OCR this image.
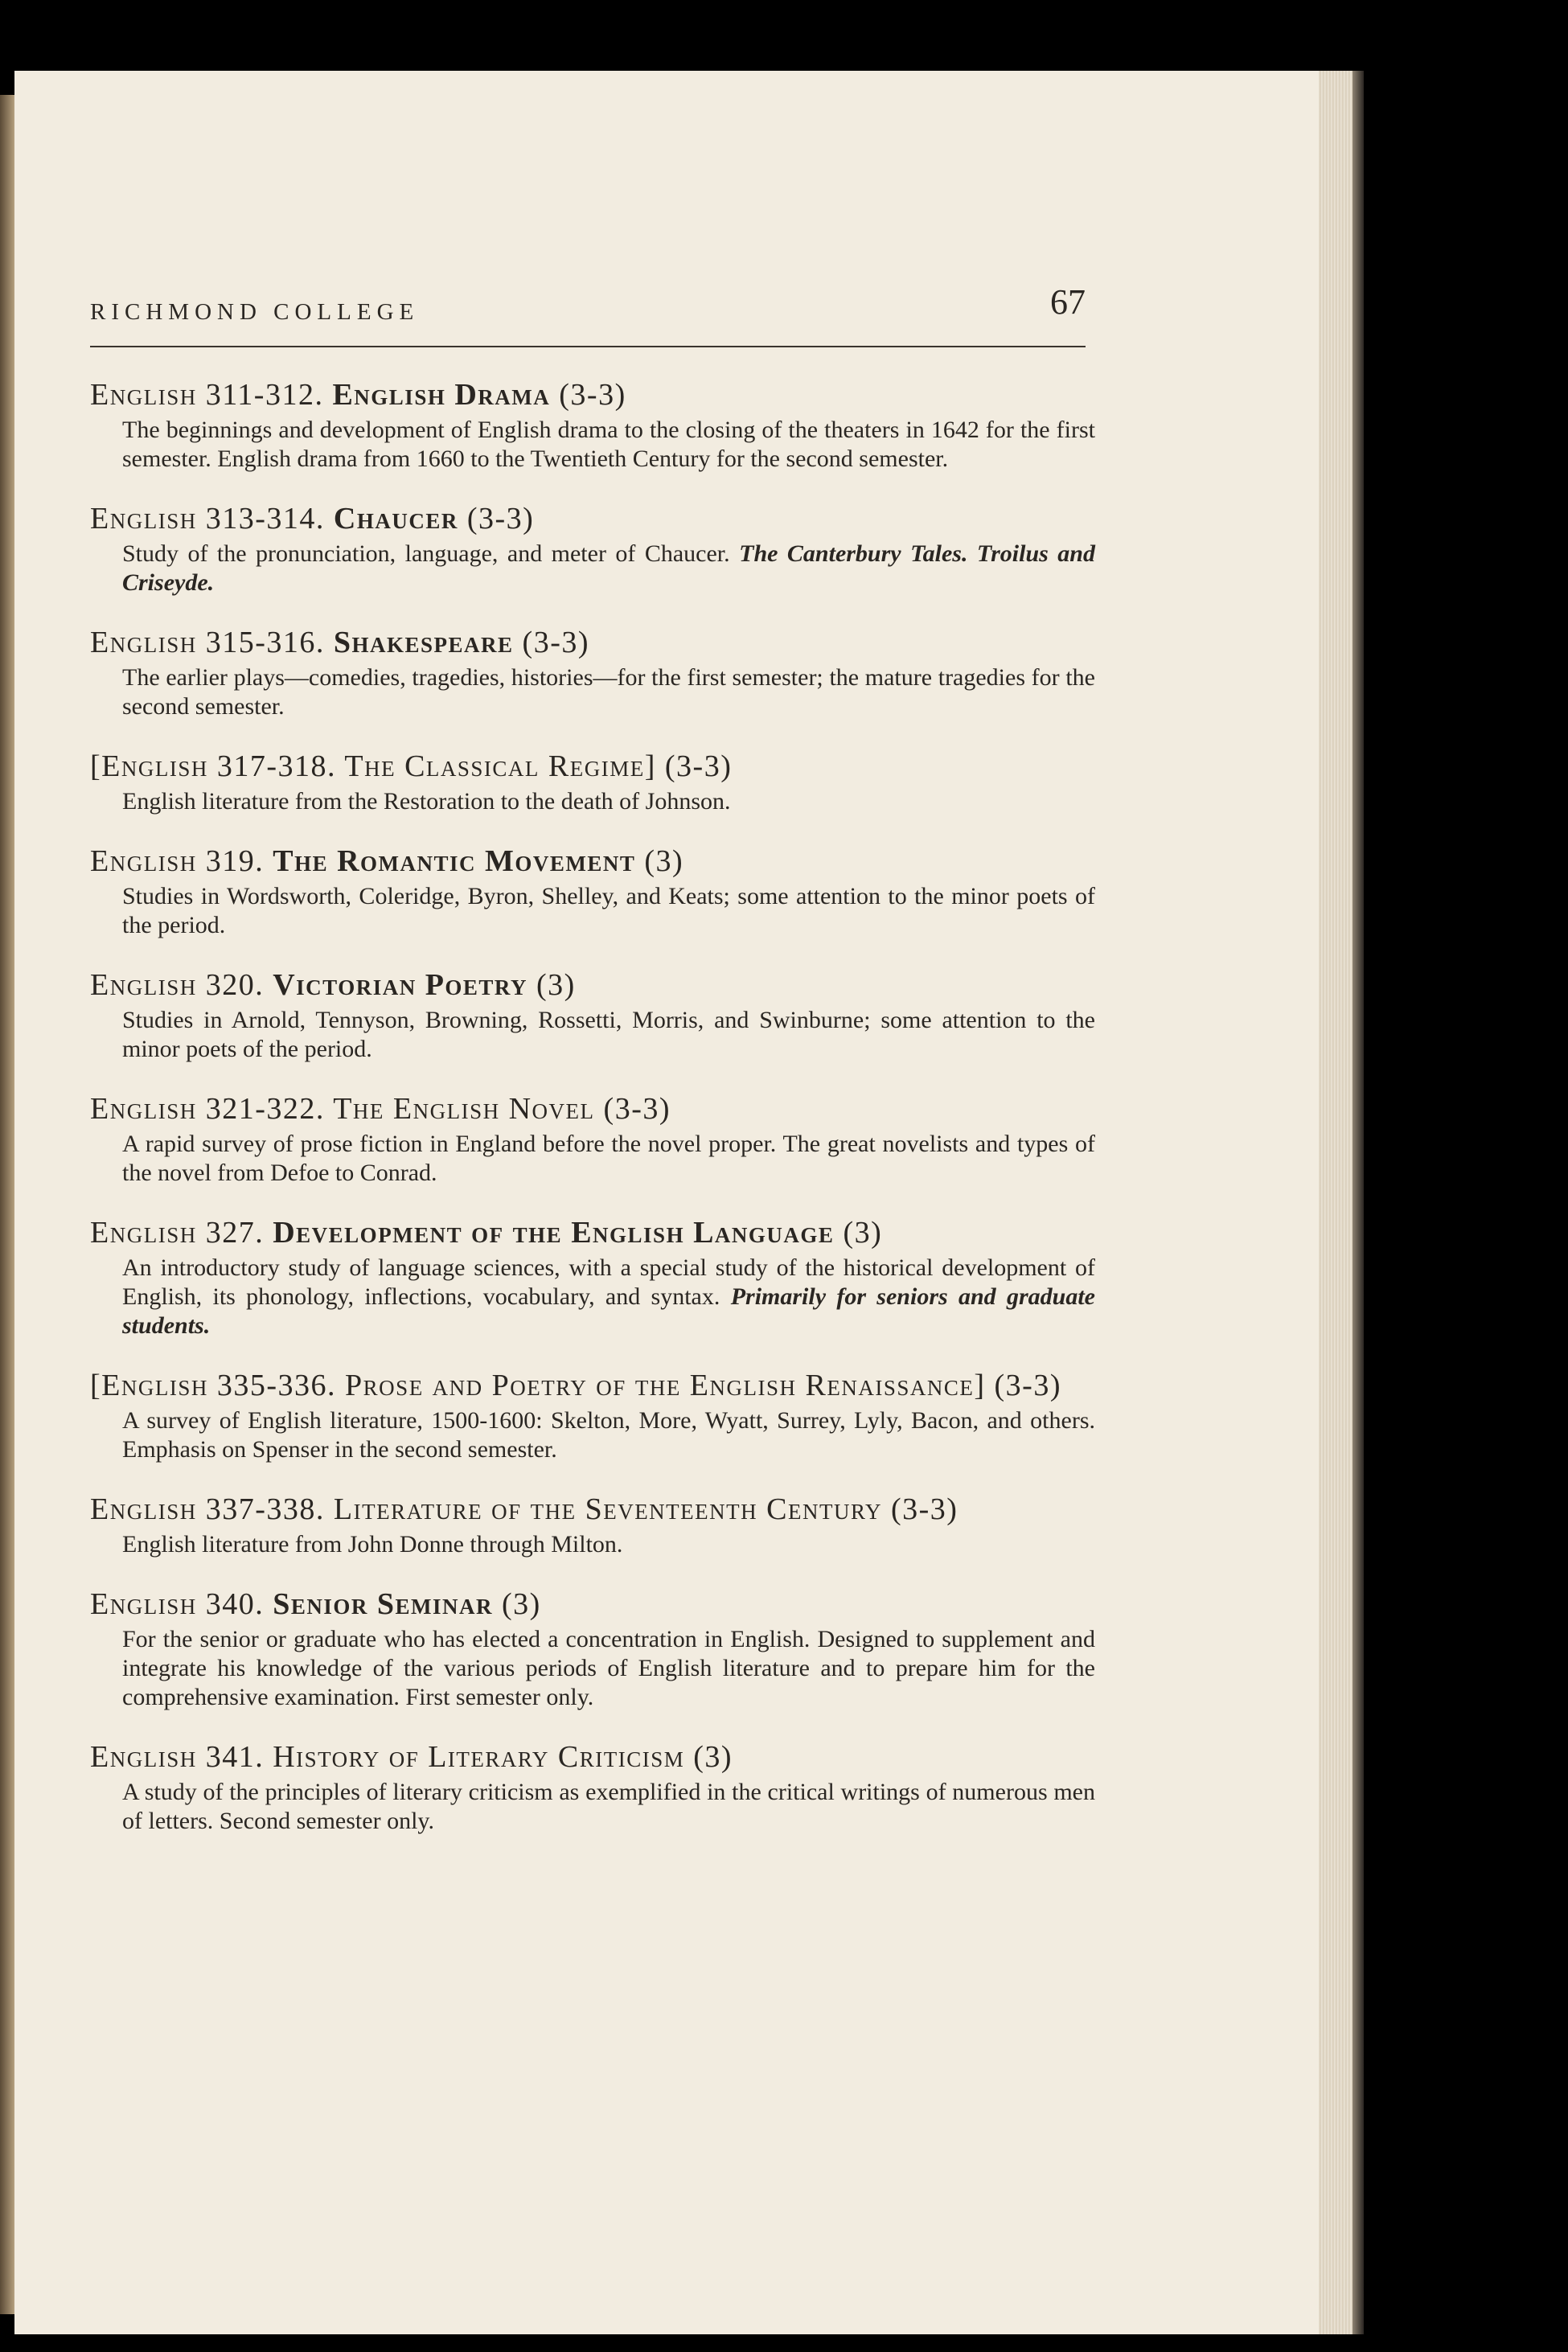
RICHMOND COLLEGE	67
English 311-312. English Drama (3-3)
The beginnings and development of English drama to the closing of the theaters in 1642 for the first semester. English drama from 1660 to the Twentieth Century for the second semester.
English 313-314. Chaucer (3-3)
Study of the pronunciation, language, and meter of Chaucer. The Canterbury Tales. Troilus and Criseyde.
English 315-316. Shakespeare (3-3)
The earlier plays—comedies, tragedies, histories—for the first semester; the mature tragedies for the second semester.
[English 317-318. The Classical Regime] (3-3)
English literature from the Restoration to the death of Johnson.
English 319. The Romantic Movement (3)
Studies in Wordsworth, Coleridge, Byron, Shelley, and Keats; some attention to the minor poets of the period.
English 320. Victorian Poetry (3)
Studies in Arnold, Tennyson, Browning, Rossetti, Morris, and Swinburne; some attention to the minor poets of the period.
English 321-322. The English Novel (3-3)
A rapid survey of prose fiction in England before the novel proper. The great novelists and types of the novel from Defoe to Conrad.
English 327. Development of the English Language (3)
An introductory study of language sciences, with a special study of the historical development of English, its phonology, inflections, vocabulary, and syntax. Primarily for seniors and graduate students.
[English 335-336. Prose and Poetry of the English Renaissance] (3-3)
A survey of English literature, 1500-1600: Skelton, More, Wyatt, Surrey, Lyly, Bacon, and others. Emphasis on Spenser in the second semester.
English 337-338. Literature of the Seventeenth Century (3-3)
English literature from John Donne through Milton.
English 340. Senior Seminar (3)
For the senior or graduate who has elected a concentration in English. Designed to supplement and integrate his knowledge of the various periods of English literature and to prepare him for the comprehensive examination. First semester only.
English 341. History of Literary Criticism (3)
A study of the principles of literary criticism as exemplified in the critical writings of numerous men of letters. Second semester only.
